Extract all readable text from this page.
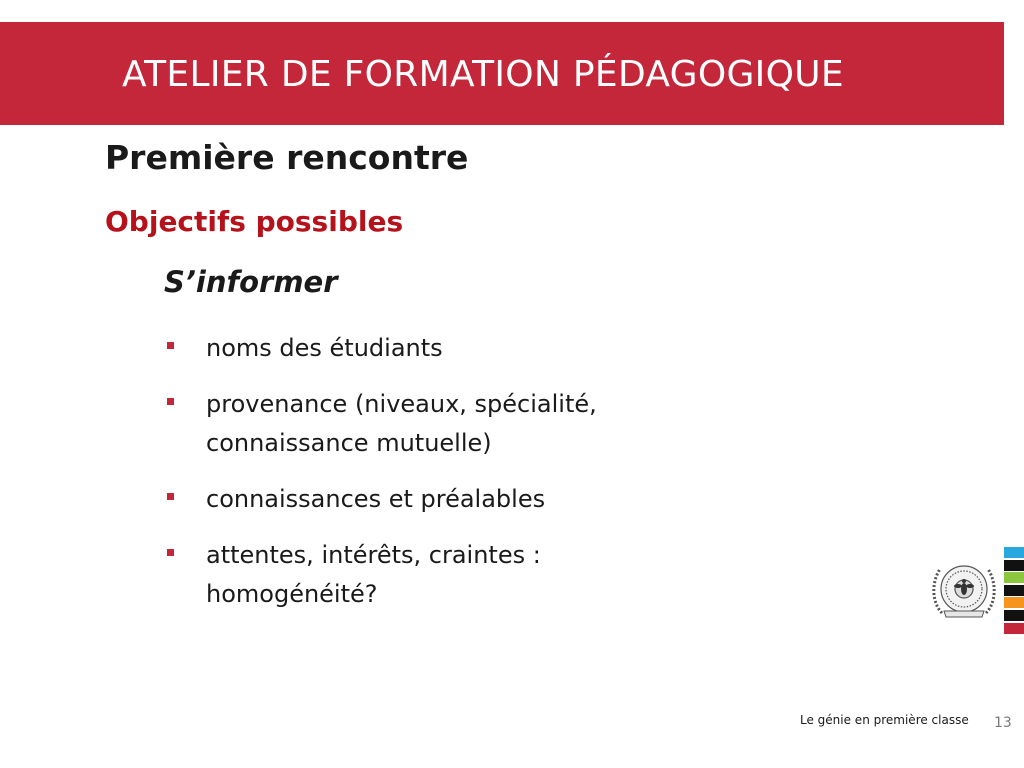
ATELIER DE FORMATION PÉDAGOGIQUE
Première rencontre
Objectifs possibles
S’informer
noms des étudiants
provenance (niveaux, spécialité,
connaissance mutuelle)
connaissances et préalables
attentes, intérêts, craintes :
homogénéité?
Le génie en première classe 13
